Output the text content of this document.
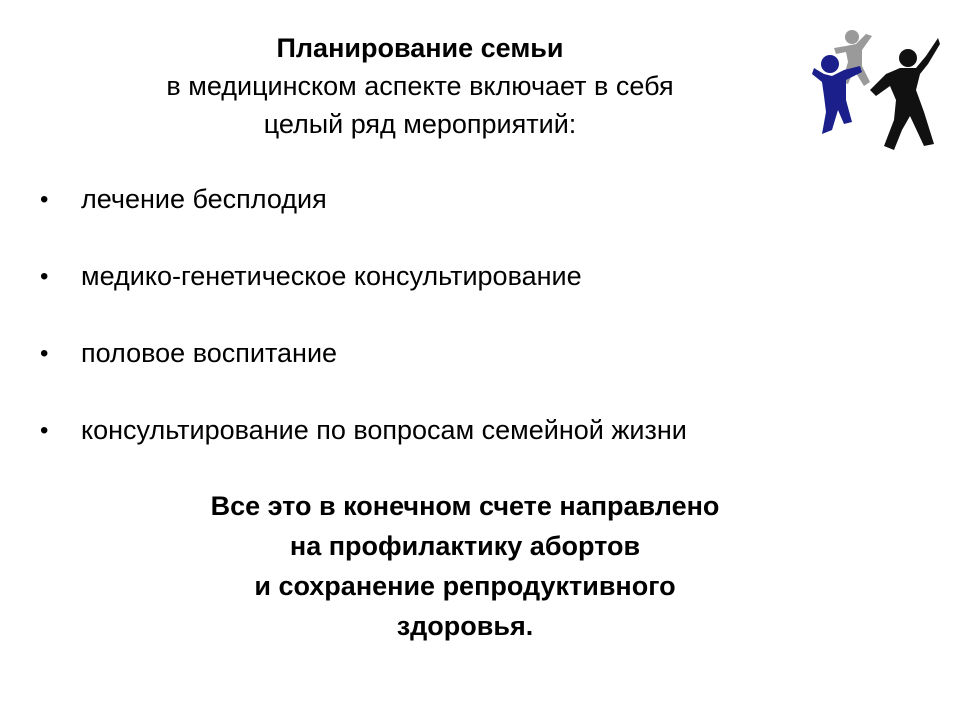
Планирование семьи
в медицинском аспекте включает в себя
целый ряд мероприятий:
•	лечение бесплодия
•	медико-генетическое консультирование
•	половое воспитание
•	консультирование по вопросам семейной жизни
Все это в конечном счете направлено
на профилактику абортов
и сохранение репродуктивного
здоровья.
